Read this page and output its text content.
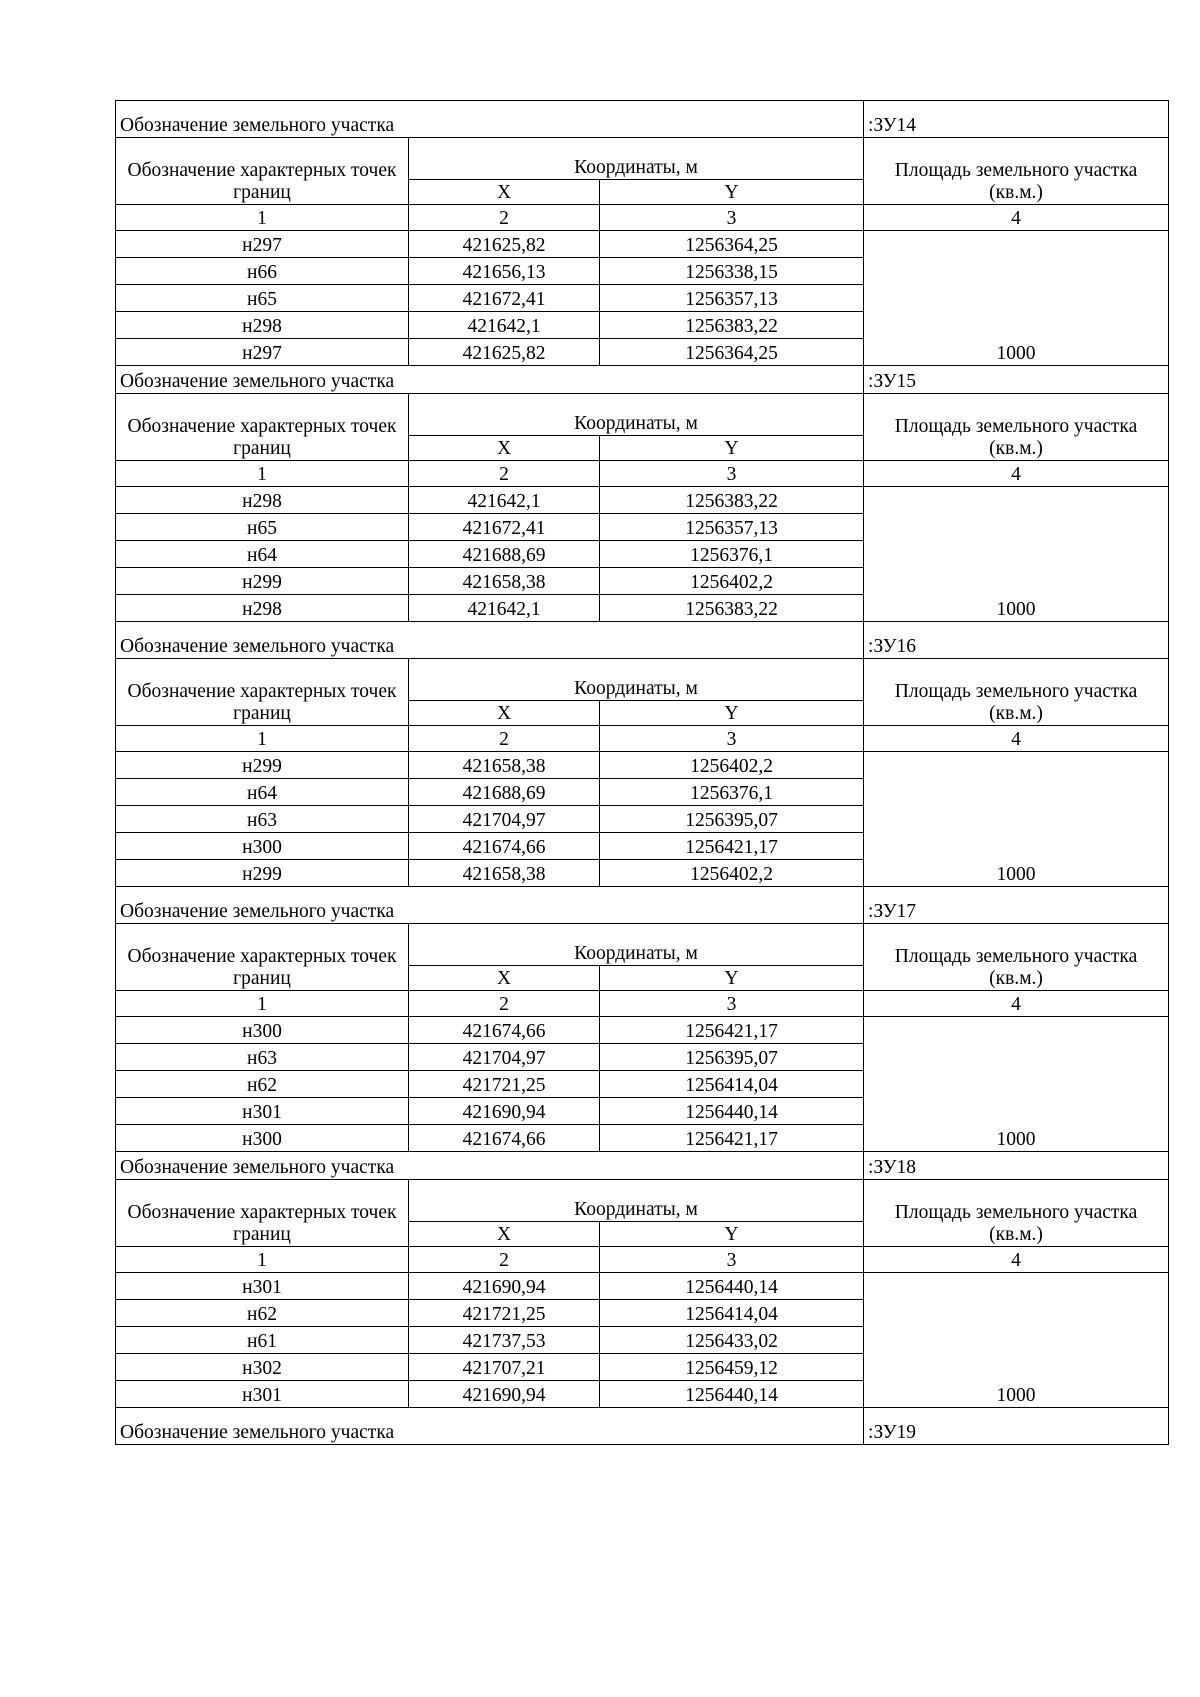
Обозначение земельного участка			:ЗУ14
Обозначение характерных точек границ	Координаты, м		Площадь земельного участка (кв.м.)
	X	Y	
1	2	3	4
н297	421625,82	1256364,25	1000
н66	421656,13	1256338,15	
н65	421672,41	1256357,13	
н298	421642,1	1256383,22	
н297	421625,82	1256364,25	
Обозначение земельного участка			:ЗУ15
Обозначение характерных точек границ	Координаты, м		Площадь земельного участка (кв.м.)
	X	Y	
1	2	3	4
н298	421642,1	1256383,22	1000
н65	421672,41	1256357,13	
н64	421688,69	1256376,1	
н299	421658,38	1256402,2	
н298	421642,1	1256383,22	
Обозначение земельного участка			:ЗУ16
Обозначение характерных точек границ	Координаты, м		Площадь земельного участка (кв.м.)
	X	Y	
1	2	3	4
н299	421658,38	1256402,2	1000
н64	421688,69	1256376,1	
н63	421704,97	1256395,07	
н300	421674,66	1256421,17	
н299	421658,38	1256402,2	
Обозначение земельного участка			:ЗУ17
Обозначение характерных точек границ	Координаты, м		Площадь земельного участка (кв.м.)
	X	Y	
1	2	3	4
н300	421674,66	1256421,17	1000
н63	421704,97	1256395,07	
н62	421721,25	1256414,04	
н301	421690,94	1256440,14	
н300	421674,66	1256421,17	
Обозначение земельного участка			:ЗУ18
Обозначение характерных точек границ	Координаты, м		Площадь земельного участка (кв.м.)
	X	Y	
1	2	3	4
н301	421690,94	1256440,14	1000
н62	421721,25	1256414,04	
н61	421737,53	1256433,02	
н302	421707,21	1256459,12	
н301	421690,94	1256440,14	
Обозначение земельного участка			:ЗУ19
